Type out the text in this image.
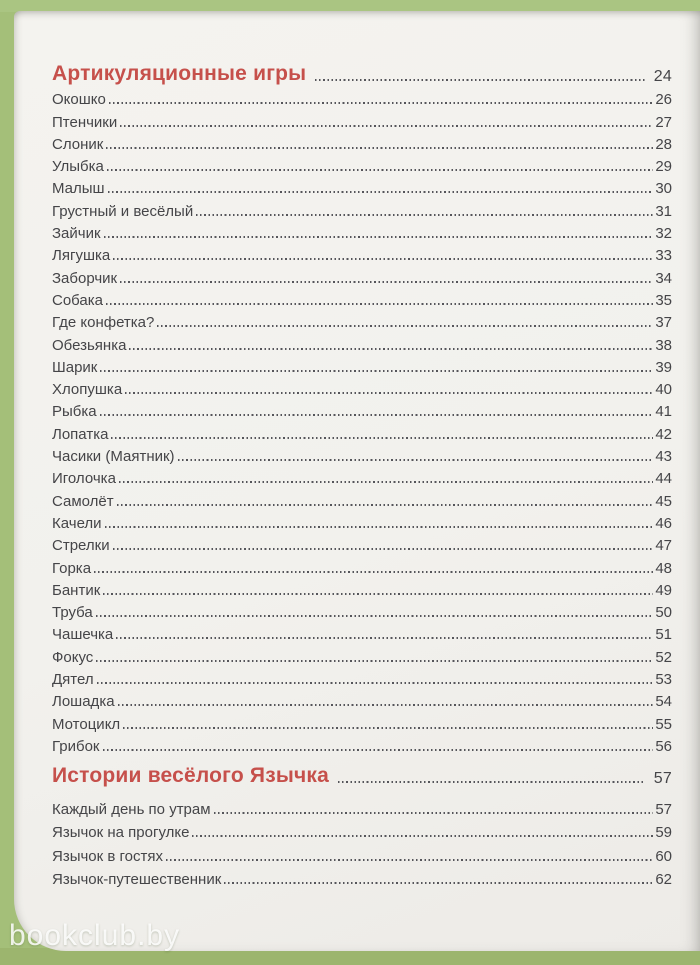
Артикуляционные игры	24
Окошко	26
Птенчики	27
Слоник	28
Улыбка	29
Малыш	30
Грустный и весёлый	31
Зайчик	32
Лягушка	33
Заборчик	34
Собака	35
Где конфетка?	37
Обезьянка	38
Шарик	39
Хлопушка	40
Рыбка	41
Лопатка	42
Часики (Маятник)	43
Иголочка	44
Самолёт	45
Качели	46
Стрелки	47
Горка	48
Бантик	49
Труба	50
Чашечка	51
Фокус	52
Дятел	53
Лошадка	54
Мотоцикл	55
Грибок	56
Истории весёлого Язычка	57
Каждый день по утрам	57
Язычок на прогулке	59
Язычок в гостях	60
Язычок-путешественник	62
bookclub.by
